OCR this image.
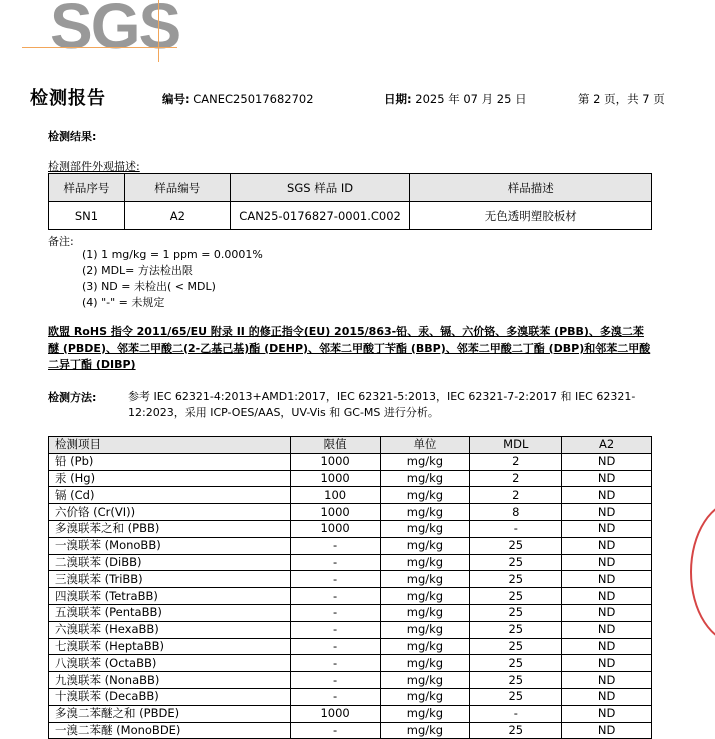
SGS
检测报告	编号: CANEC25017682702	日期: 2025 年 07 月 25 日	第 2 页，共 7 页
检测结果:
检测部件外观描述:
样品序号	样品编号	SGS 样品 ID	样品描述
SN1	A2	CAN25-0176827-0001.C002	无色透明塑胶板材
备注:
(1) 1 mg/kg = 1 ppm = 0.0001%
(2) MDL= 方法检出限
(3) ND = 未检出( < MDL)
(4) "-" = 未规定
欧盟 RoHS 指令 2011/65/EU 附录 II 的修正指令(EU) 2015/863-铅、汞、镉、六价铬、多溴联苯 (PBB)、多溴二苯醚 (PBDE)、邻苯二甲酸二(2-乙基己基)酯 (DEHP)、邻苯二甲酸丁苄酯 (BBP)、邻苯二甲酸二丁酯 (DBP)和邻苯二甲酸二异丁酯 (DIBP)
检测方法:	参考 IEC 62321-4:2013+AMD1:2017，IEC 62321-5:2013，IEC 62321-7-2:2017 和 IEC 62321-12:2023，采用 ICP-OES/AAS，UV-Vis 和 GC-MS 进行分析。
检测项目	限值	单位	MDL	A2
铅 (Pb)	1000	mg/kg	2	ND
汞 (Hg)	1000	mg/kg	2	ND
镉 (Cd)	100	mg/kg	2	ND
六价铬 (Cr(VI))	1000	mg/kg	8	ND
多溴联苯之和 (PBB)	1000	mg/kg	-	ND
一溴联苯 (MonoBB)	-	mg/kg	25	ND
二溴联苯 (DiBB)	-	mg/kg	25	ND
三溴联苯 (TriBB)	-	mg/kg	25	ND
四溴联苯 (TetraBB)	-	mg/kg	25	ND
五溴联苯 (PentaBB)	-	mg/kg	25	ND
六溴联苯 (HexaBB)	-	mg/kg	25	ND
七溴联苯 (HeptaBB)	-	mg/kg	25	ND
八溴联苯 (OctaBB)	-	mg/kg	25	ND
九溴联苯 (NonaBB)	-	mg/kg	25	ND
十溴联苯 (DecaBB)	-	mg/kg	25	ND
多溴二苯醚之和 (PBDE)	1000	mg/kg	-	ND
一溴二苯醚 (MonoBDE)	-	mg/kg	25	ND
